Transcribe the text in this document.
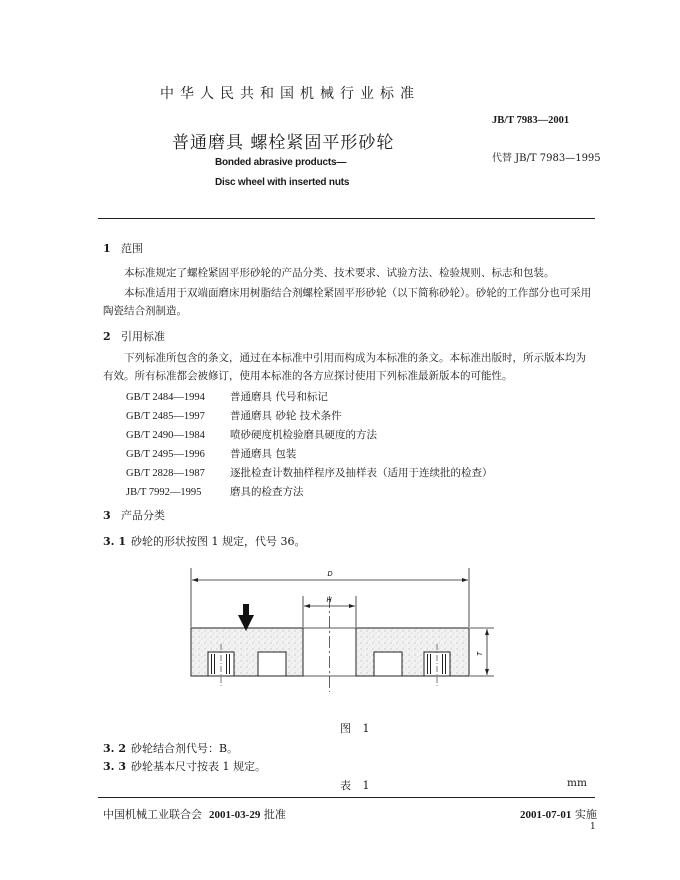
中华人民共和国机械行业标准
JB/T 7983—2001
普通磨具 螺栓紧固平形砂轮
代替 JB/T 7983—1995
Bonded abrasive products—
Disc wheel with inserted nuts
1 范围
本标准规定了螺栓紧固平形砂轮的产品分类、技术要求、试验方法、检验规则、标志和包装。
本标准适用于双端面磨床用树脂结合剂螺栓紧固平形砂轮（以下简称砂轮）。砂轮的工作部分也可采用陶瓷结合剂制造。
2 引用标准
下列标准所包含的条文，通过在本标准中引用而构成为本标准的条文。本标准出版时，所示版本均为有效。所有标准都会被修订，使用本标准的各方应探讨使用下列标准最新版本的可能性。
GB/T 2484—1994 普通磨具 代号和标记
GB/T 2485—1997 普通磨具 砂轮 技术条件
GB/T 2490—1984 喷砂硬度机检验磨具硬度的方法
GB/T 2495—1996 普通磨具 包装
GB/T 2828—1987 逐批检查计数抽样程序及抽样表（适用于连续批的检查）
JB/T 7992—1995	磨具的检查方法
3 产品分类
3. 1 砂轮的形状按图 1 规定，代号 36。
D
H
T
图 1
3. 2 砂轮结合剂代号：B。
3. 3 砂轮基本尺寸按表 1 规定。
表 1	mm
中国机械工业联合会 2001-03-29 批准	2001-07-01 实施
1
